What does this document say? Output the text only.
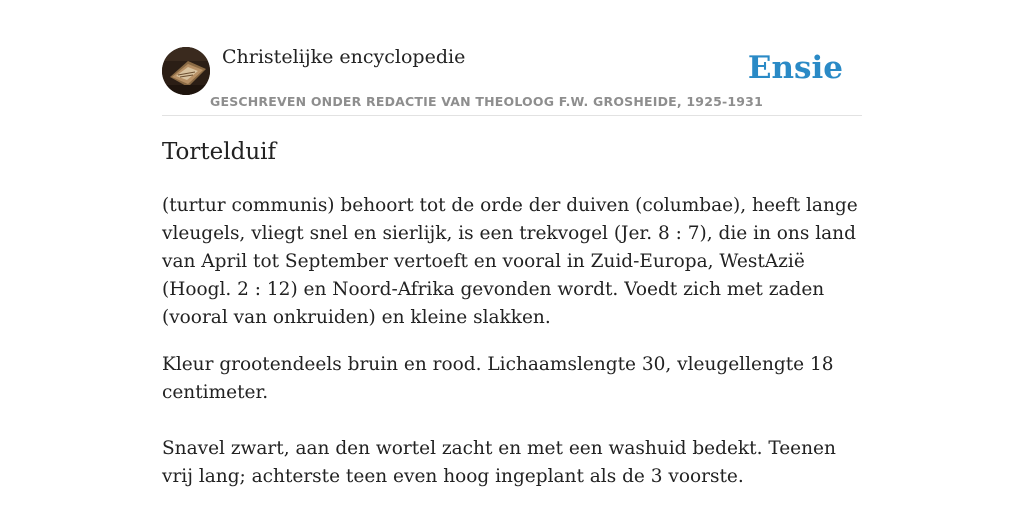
Christelijke encyclopedie
GESCHREVEN ONDER REDACTIE VAN THEOLOOG F.W. GROSHEIDE, 1925-1931
Ensie
Tortelduif

(turtur communis) behoort tot de orde der duiven (columbae), heeft lange vleugels, vliegt snel en sierlijk, is een trekvogel (Jer. 8 : 7), die in ons land van April tot September vertoeft en vooral in Zuid-Europa, WestAzië (Hoogl. 2 : 12) en Noord-Afrika gevonden wordt. Voedt zich met zaden (vooral van onkruiden) en kleine slakken.

Kleur grootendeels bruin en rood. Lichaamslengte 30, vleugellengte 18 centimeter.

Snavel zwart, aan den wortel zacht en met een washuid bedekt. Teenen vrij lang; achterste teen even hoog ingeplant als de 3 voorste.
